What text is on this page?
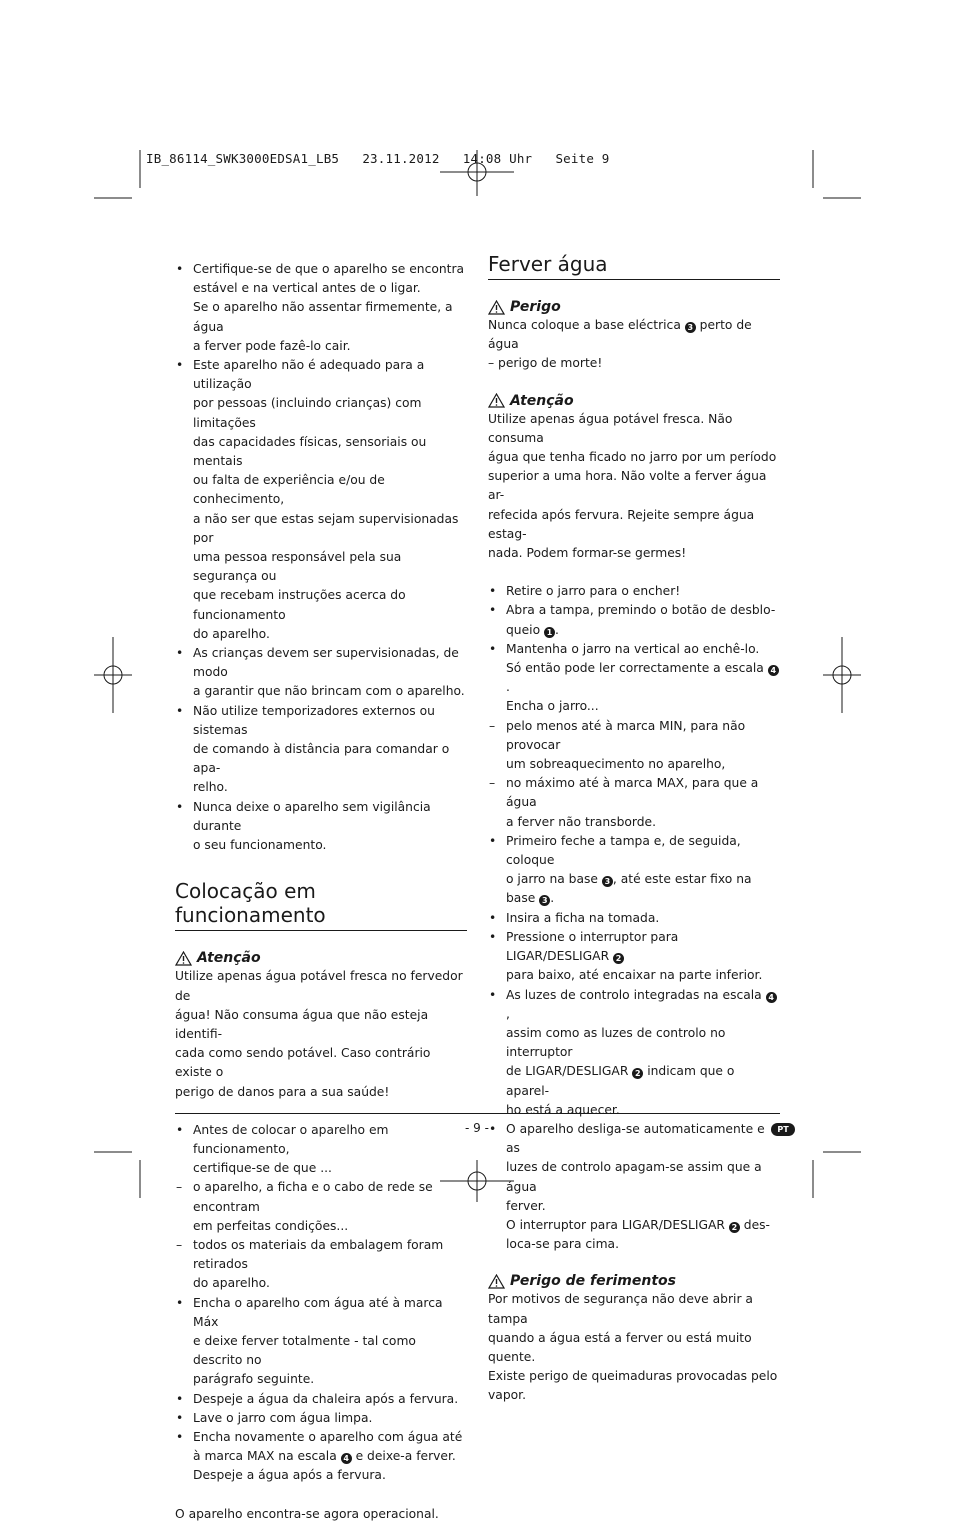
IB_86114_SWK3000EDSA1_LB5   23.11.2012   14:08 Uhr   Seite 9
• Certifique-se de que o aparelho se encontra
estável e na vertical antes de o ligar.
Se o aparelho não assentar firmemente, a água
a ferver pode fazê-lo cair.
• Este aparelho não é adequado para a utilização
por pessoas (incluindo crianças) com limitações
das capacidades físicas, sensoriais ou mentais
ou falta de experiência e/ou de conhecimento,
a não ser que estas sejam supervisionadas por
uma pessoa responsável pela sua segurança ou
que recebam instruções acerca do funcionamento
do aparelho.
• As crianças devem ser supervisionadas, de modo
a garantir que não brincam com o aparelho.
• Não utilize temporizadores externos ou sistemas
de comando à distância para comandar o apa-
relho.
• Nunca deixe o aparelho sem vigilância durante
o seu funcionamento.
Colocação em funcionamento
Atenção
Utilize apenas água potável fresca no fervedor de
água! Não consuma água que não esteja identifi-
cada como sendo potável. Caso contrário existe o
perigo de danos para a sua saúde!
• Antes de colocar o aparelho em funcionamento,
certifique-se de que ...
– o aparelho, a ficha e o cabo de rede se encontram
em perfeitas condições...
– todos os materiais da embalagem foram retirados
do aparelho.
• Encha o aparelho com água até à marca Máx
e deixe ferver totalmente - tal como descrito no
parágrafo seguinte.
• Despeje a água da chaleira após a fervura.
• Lave o jarro com água limpa.
• Encha novamente o aparelho com água até
à marca MAX na escala 4 e deixe-a ferver.
Despeje a água após a fervura.
O aparelho encontra-se agora operacional.
Ferver água
Perigo
Nunca coloque a base eléctrica 3 perto de água
– perigo de morte!
Atenção
Utilize apenas água potável fresca. Não consuma
água que tenha ficado no jarro por um período
superior a uma hora. Não volte a ferver água ar-
refecida após fervura. Rejeite sempre água estag-
nada. Podem formar-se germes!
• Retire o jarro para o encher!
• Abra a tampa, premindo o botão de desblo-
queio 1 .
• Mantenha o jarro na vertical ao enchê-lo.
Só então pode ler correctamente a escala 4.
Encha o jarro...
– pelo menos até à marca MIN, para não provocar
um sobreaquecimento no aparelho,
– no máximo até à marca MAX, para que a água
a ferver não transborde.
• Primeiro feche a tampa e, de seguida, coloque
o jarro na base 3 , até este estar fixo na base 3 .
• Insira a ficha na tomada.
• Pressione o interruptor para LIGAR/DESLIGAR 2
para baixo, até encaixar na parte inferior.
• As luzes de controlo integradas na escala 4,
assim como as luzes de controlo no interruptor
de LIGAR/DESLIGAR 2 indicam que o aparel-
ho está a aquecer.
• O aparelho desliga-se automaticamente e as
luzes de controlo apagam-se assim que a água
ferver.
O interruptor para LIGAR/DESLIGAR 2 des-
loca-se para cima.
Perigo de ferimentos
Por motivos de segurança não deve abrir a tampa
quando a água está a ferver ou está muito quente.
Existe perigo de queimaduras provocadas pelo vapor.
- 9 -	PT
